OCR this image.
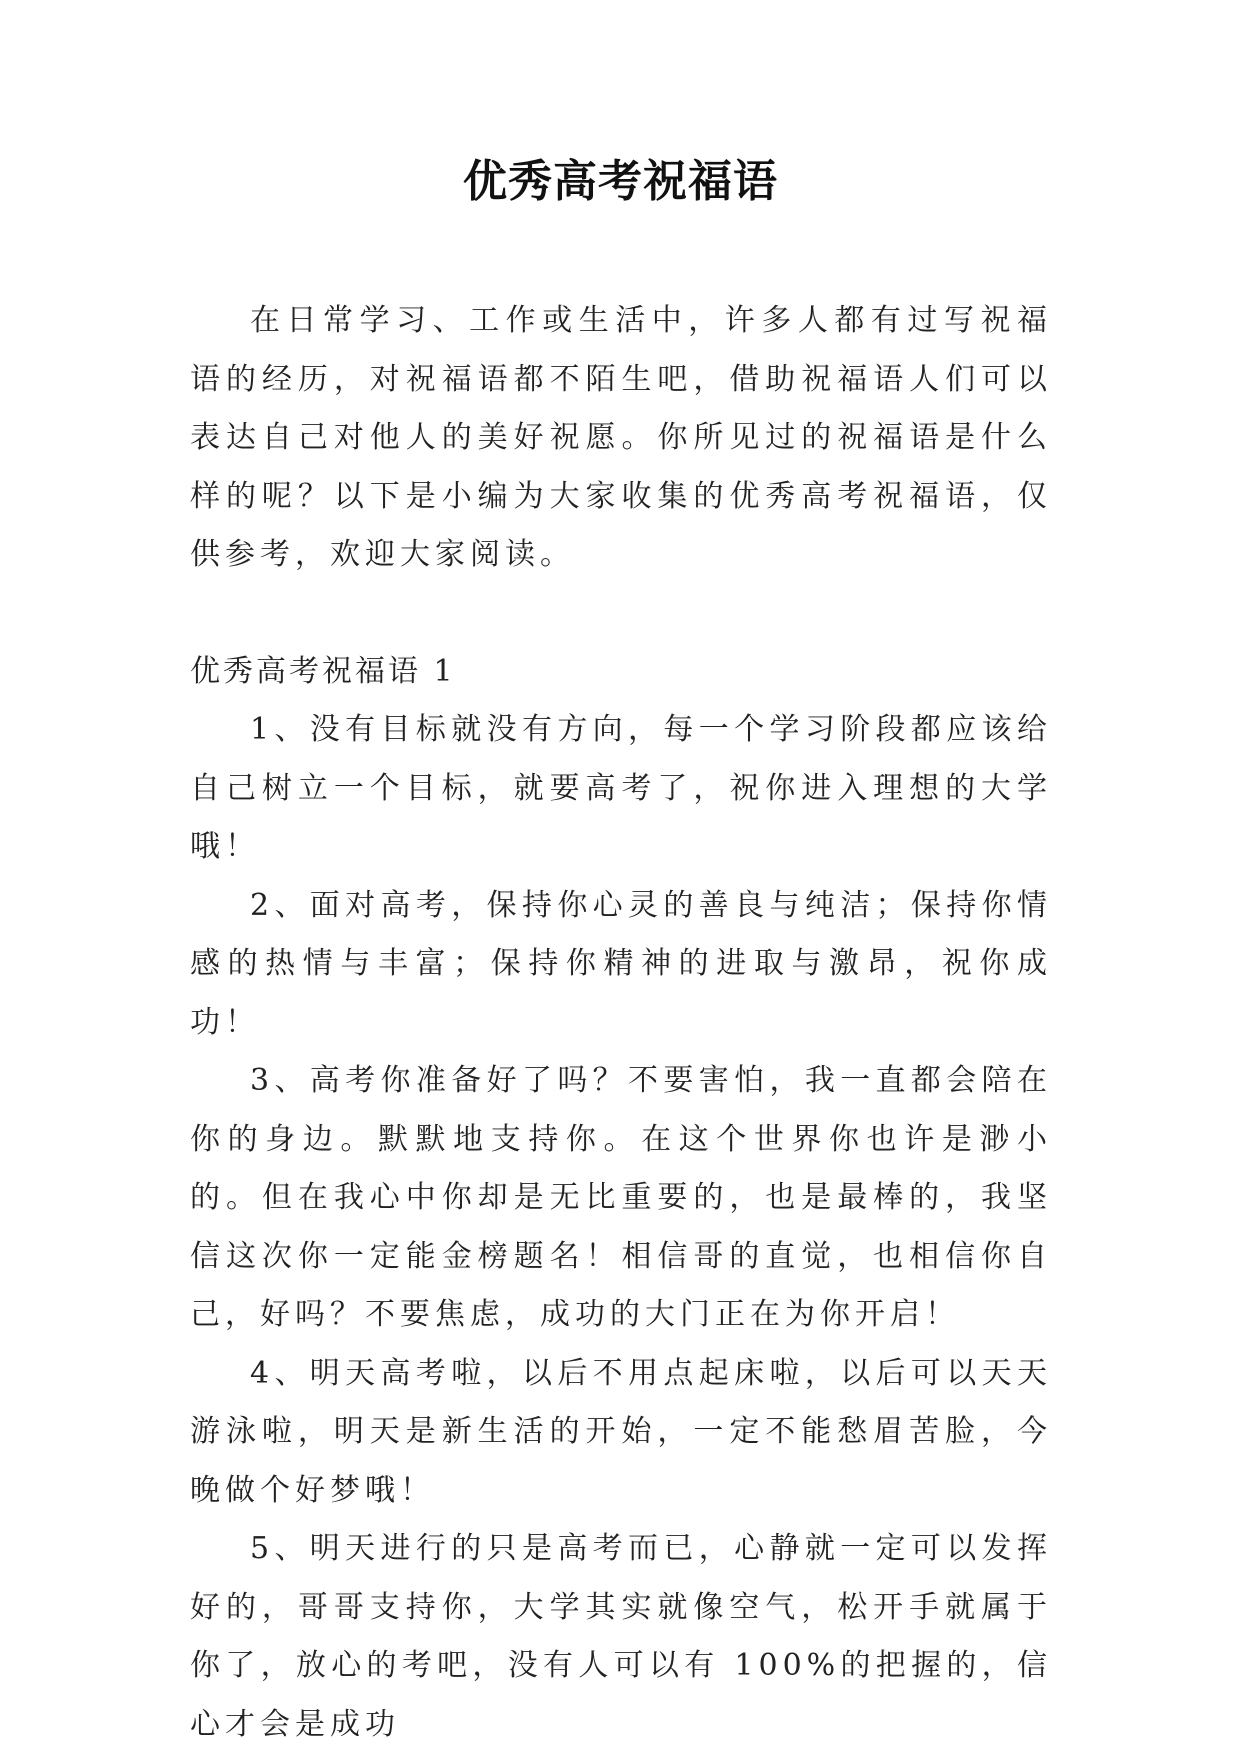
优秀高考祝福语

在日常学习、工作或生活中，许多人都有过写祝福语的经历，对祝福语都不陌生吧，借助祝福语人们可以表达自己对他人的美好祝愿。你所见过的祝福语是什么样的呢？以下是小编为大家收集的优秀高考祝福语，仅供参考，欢迎大家阅读。

优秀高考祝福语 1

1、没有目标就没有方向，每一个学习阶段都应该给自己树立一个目标，就要高考了，祝你进入理想的大学哦！

2、面对高考，保持你心灵的善良与纯洁；保持你情感的热情与丰富；保持你精神的进取与激昂，祝你成功！

3、高考你准备好了吗？不要害怕，我一直都会陪在你的身边。默默地支持你。在这个世界你也许是渺小的。但在我心中你却是无比重要的，也是最棒的，我坚信这次你一定能金榜题名！相信哥的直觉，也相信你自己，好吗？不要焦虑，成功的大门正在为你开启！

4、明天高考啦，以后不用点起床啦，以后可以天天游泳啦，明天是新生活的开始，一定不能愁眉苦脸，今晚做个好梦哦！

5、明天进行的只是高考而已，心静就一定可以发挥好的，哥哥支持你，大学其实就像空气，松开手就属于你了，放心的考吧，没有人可以有 100%的把握的，信心才会是成功
